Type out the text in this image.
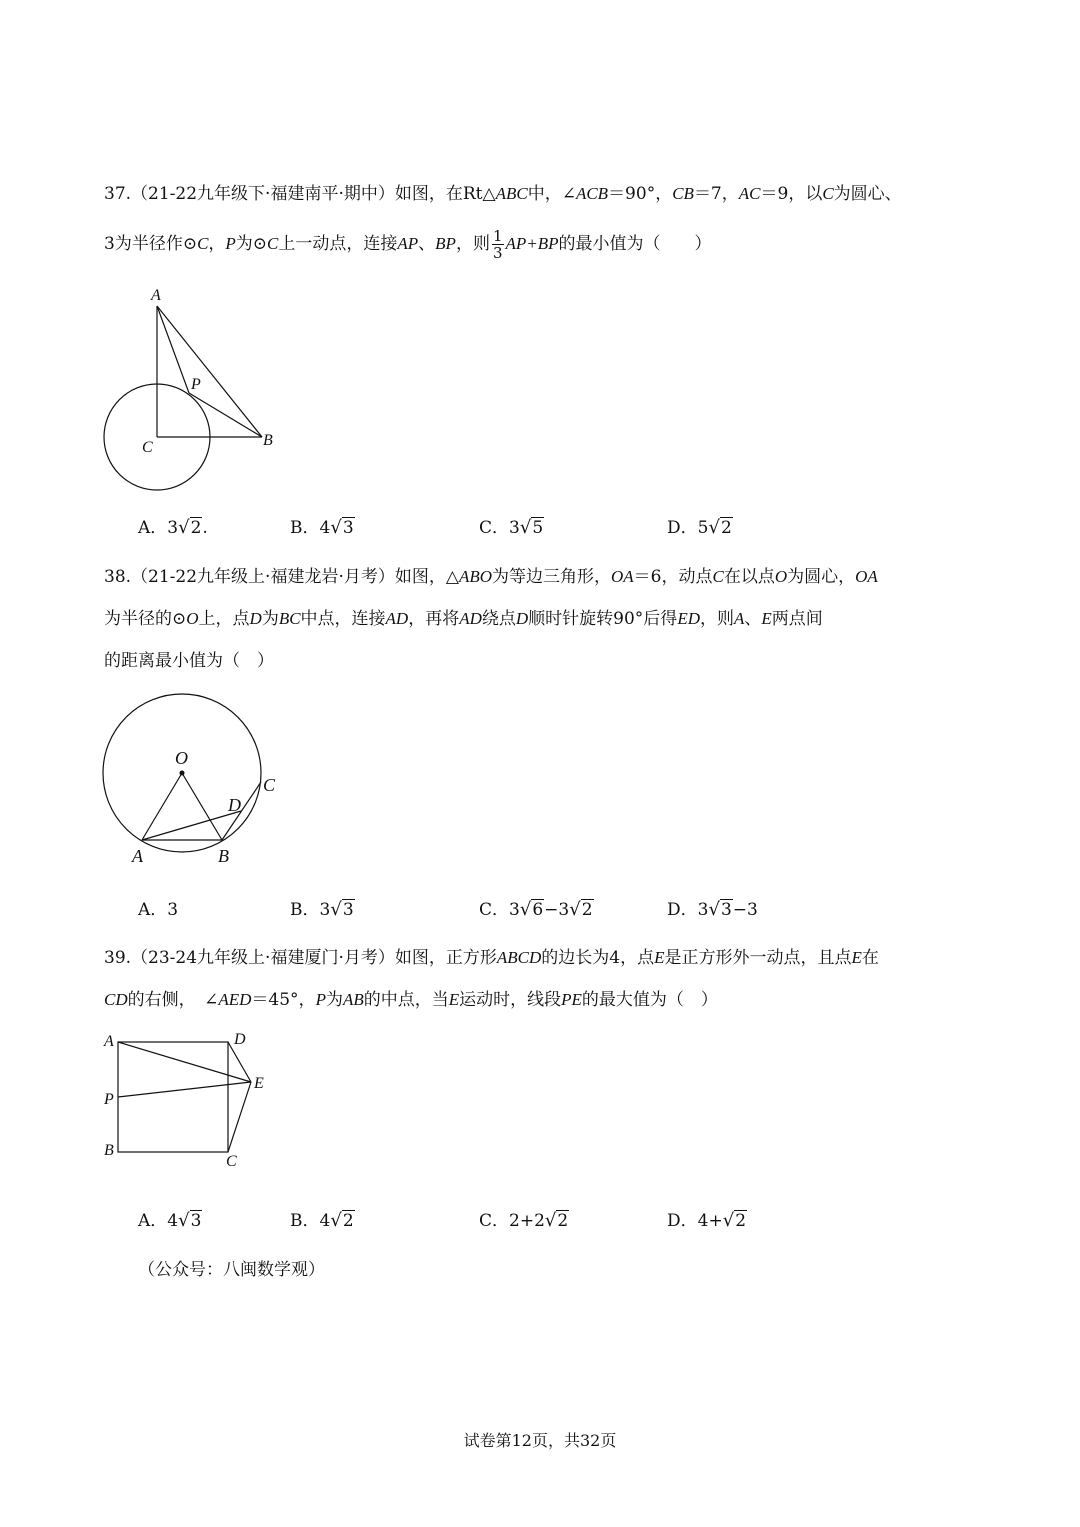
37.（21-22九年级下·福建南平·期中）如图，在Rt△ABC中，∠ACB＝90°，CB＝7，AC＝9，以C为圆心、
3为半径作⊙C，P为⊙C上一动点，连接AP、BP，则 $\frac{1}{3} AP+BP$的最小值为（　　）
A
P
C	B
A．3√2.	B．4√3	C．3√5	D．5√2
38.（21-22九年级上·福建龙岩·月考）如图，△ABO为等边三角形，OA＝6，动点C在以点O为圆心，OA
为半径的⊙O上，点D为BC中点，连接AD，再将AD绕点D顺时针旋转90°后得ED，则A、E两点间
的距离最小值为（　）
O
C
D
A	B
A．3	B．3√3	C．3√6−3√2	D．3√3−3
39.（23-24九年级上·福建厦门·月考）如图，正方形ABCD的边长为4，点E是正方形外一动点，且点E在
CD的右侧，　∠AED＝45°，P为AB的中点，当E运动时，线段PE的最大值为（　）
A	D
E
P
B
C
A．4√3	B．4√2	C．2+2√2	D．4+√2
（公众号：八闽数学观）
试卷第12页，共32页
